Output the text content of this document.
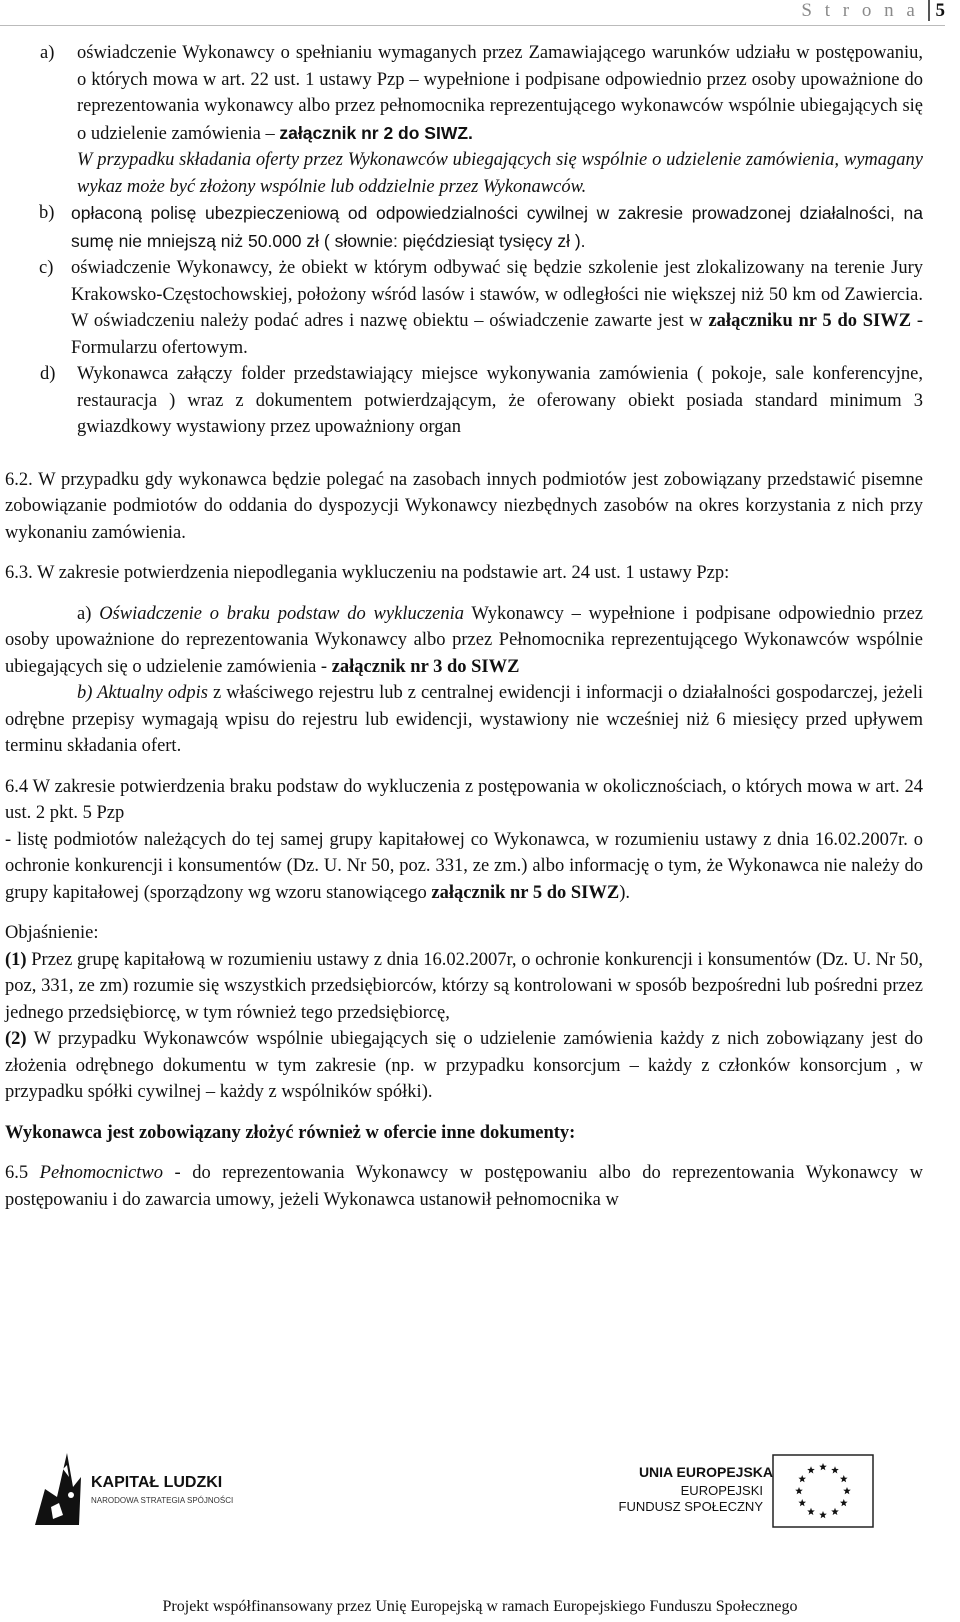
S t r o n a 5

a) oświadczenie Wykonawcy o spełnianiu wymaganych przez Zamawiającego warunków udziału w postępowaniu, o których mowa w art. 22 ust. 1 ustawy Pzp – wypełnione i podpisane odpowiednio przez osoby upoważnione do reprezentowania wykonawcy albo przez pełnomocnika reprezentującego wykonawców wspólnie ubiegających się o udzielenie zamówienia – załącznik nr 2 do SIWZ.
W przypadku składania oferty przez Wykonawców ubiegających się wspólnie o udzielenie zamówienia, wymagany wykaz może być złożony wspólnie lub oddzielnie przez Wykonawców.

b) opłaconą polisę ubezpieczeniową od odpowiedzialności cywilnej w zakresie prowadzonej działalności, na sumę nie mniejszą niż 50.000 zł ( słownie: pięćdziesiąt tysięcy zł ).

c) oświadczenie Wykonawcy, że obiekt w którym odbywać się będzie szkolenie jest zlokalizowany na terenie Jury Krakowsko-Częstochowskiej, położony wśród lasów i stawów, w odległości nie większej niż 50 km od Zawiercia. W oświadczeniu należy podać adres i nazwę obiektu – oświadczenie zawarte jest w załączniku nr 5 do SIWZ - Formularzu ofertowym.

d) Wykonawca załączy folder przedstawiający miejsce wykonywania zamówienia ( pokoje, sale konferencyjne, restauracja ) wraz z dokumentem potwierdzającym, że oferowany obiekt posiada standard minimum 3 gwiazdkowy wystawiony przez upoważniony organ

6.2. W przypadku gdy wykonawca będzie polegać na zasobach innych podmiotów jest zobowiązany przedstawić pisemne zobowiązanie podmiotów do oddania do dyspozycji Wykonawcy niezbędnych zasobów na okres korzystania z nich przy wykonaniu zamówienia.

6.3. W zakresie potwierdzenia niepodlegania wykluczeniu na podstawie art. 24 ust. 1 ustawy Pzp:

a) Oświadczenie o braku podstaw do wykluczenia Wykonawcy – wypełnione i podpisane odpowiednio przez osoby upoważnione do reprezentowania Wykonawcy albo przez Pełnomocnika reprezentującego Wykonawców wspólnie ubiegających się o udzielenie zamówienia - załącznik nr 3 do SIWZ

b) Aktualny odpis z właściwego rejestru lub z centralnej ewidencji i informacji o działalności gospodarczej, jeżeli odrębne przepisy wymagają wpisu do rejestru lub ewidencji, wystawiony nie wcześniej niż 6 miesięcy przed upływem terminu składania ofert.

6.4 W zakresie potwierdzenia braku podstaw do wykluczenia z postępowania w okolicznościach, o których mowa w art. 24 ust. 2 pkt. 5 Pzp
- listę podmiotów należących do tej samej grupy kapitałowej co Wykonawca, w rozumieniu ustawy z dnia 16.02.2007r. o ochronie konkurencji i konsumentów (Dz. U. Nr 50, poz. 331, ze zm.) albo informację o tym, że Wykonawca nie należy do grupy kapitałowej (sporządzony wg wzoru stanowiącego załącznik nr 5 do SIWZ).

Objaśnienie:

(1) Przez grupę kapitałową w rozumieniu ustawy z dnia 16.02.2007r, o ochronie konkurencji i konsumentów (Dz. U. Nr 50, poz, 331, ze zm) rozumie się wszystkich przedsiębiorców, którzy są kontrolowani w sposób bezpośredni lub pośredni przez jednego przedsiębiorcę, w tym również tego przedsiębiorcę,

(2) W przypadku Wykonawców wspólnie ubiegających się o udzielenie zamówienia każdy z nich zobowiązany jest do złożenia odrębnego dokumentu w tym zakresie (np. w przypadku konsorcjum – każdy z członków konsorcjum , w przypadku spółki cywilnej – każdy z wspólników spółki).

Wykonawca jest zobowiązany złożyć również w ofercie inne dokumenty:

6.5 Pełnomocnictwo - do reprezentowania Wykonawcy w postępowaniu albo do reprezentowania Wykonawcy w postępowaniu i do zawarcia umowy, jeżeli Wykonawca ustanowił pełnomocnika w

KAPITAŁ LUDZKI
NARODOWA STRATEGIA SPÓJNOŚCI
UNIA EUROPEJSKA
EUROPEJSKI
FUNDUSZ SPOŁECZNY
Projekt współfinansowany przez Unię Europejską w ramach Europejskiego Funduszu Społecznego
